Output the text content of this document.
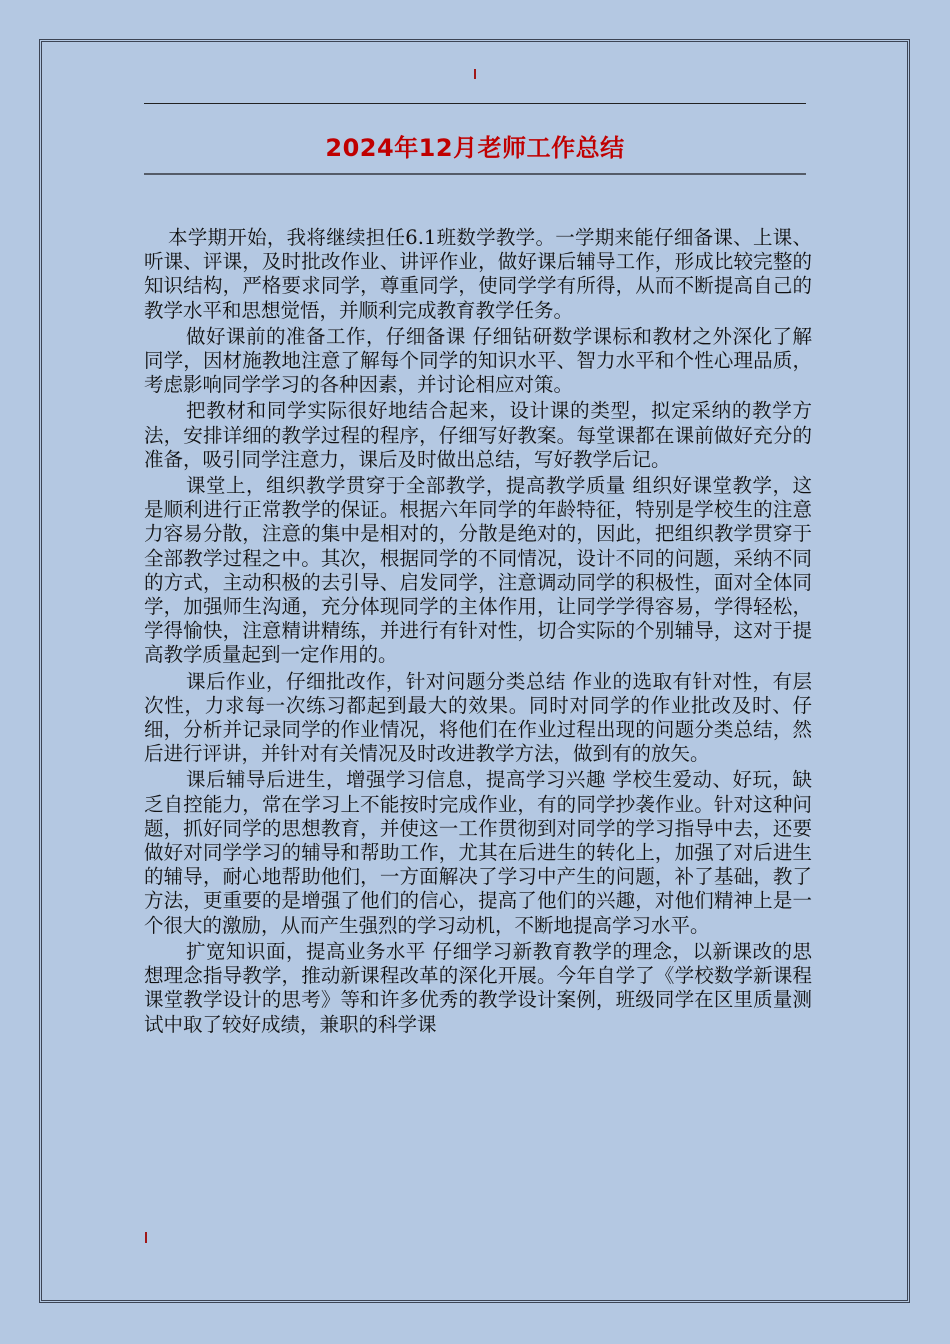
2024年12月老师工作总结

本学期开始，我将继续担任6.1班数学教学。一学期来能仔细备课、上课、听课、评课，及时批改作业、讲评作业，做好课后辅导工作，形成比较完整的知识结构，严格要求同学，尊重同学，使同学学有所得，从而不断提高自己的教学水平和思想觉悟，并顺利完成教育教学任务。

做好课前的准备工作，仔细备课 仔细钻研数学课标和教材之外深化了解同学，因材施教地注意了解每个同学的知识水平、智力水平和个性心理品质，考虑影响同学学习的各种因素，并讨论相应对策。

把教材和同学实际很好地结合起来，设计课的类型，拟定采纳的教学方法，安排详细的教学过程的程序，仔细写好教案。每堂课都在课前做好充分的准备，吸引同学注意力，课后及时做出总结，写好教学后记。

课堂上，组织教学贯穿于全部教学，提高教学质量 组织好课堂教学，这是顺利进行正常教学的保证。根据六年同学的年龄特征，特别是学校生的注意力容易分散，注意的集中是相对的，分散是绝对的，因此，把组织教学贯穿于全部教学过程之中。其次，根据同学的不同情况，设计不同的问题，采纳不同的方式，主动积极的去引导、启发同学，注意调动同学的积极性，面对全体同学，加强师生沟通，充分体现同学的主体作用，让同学学得容易，学得轻松，学得愉快，注意精讲精练，并进行有针对性，切合实际的个别辅导，这对于提高教学质量起到一定作用的。

课后作业，仔细批改作，针对问题分类总结 作业的选取有针对性，有层次性，力求每一次练习都起到最大的效果。同时对同学的作业批改及时、仔细，分析并记录同学的作业情况，将他们在作业过程出现的问题分类总结，然后进行评讲，并针对有关情况及时改进教学方法，做到有的放矢。

课后辅导后进生，增强学习信息，提高学习兴趣 学校生爱动、好玩，缺乏自控能力，常在学习上不能按时完成作业，有的同学抄袭作业。针对这种问题，抓好同学的思想教育，并使这一工作贯彻到对同学的学习指导中去，还要做好对同学学习的辅导和帮助工作，尤其在后进生的转化上，加强了对后进生的辅导，耐心地帮助他们，一方面解决了学习中产生的问题，补了基础，教了方法，更重要的是增强了他们的信心，提高了他们的兴趣，对他们精神上是一个很大的激励，从而产生强烈的学习动机，不断地提高学习水平。

扩宽知识面，提高业务水平 仔细学习新教育教学的理念，以新课改的思想理念指导教学，推动新课程改革的深化开展。今年自学了《学校数学新课程课堂教学设计的思考》等和许多优秀的教学设计案例，班级同学在区里质量测试中取了较好成绩，兼职的科学课
